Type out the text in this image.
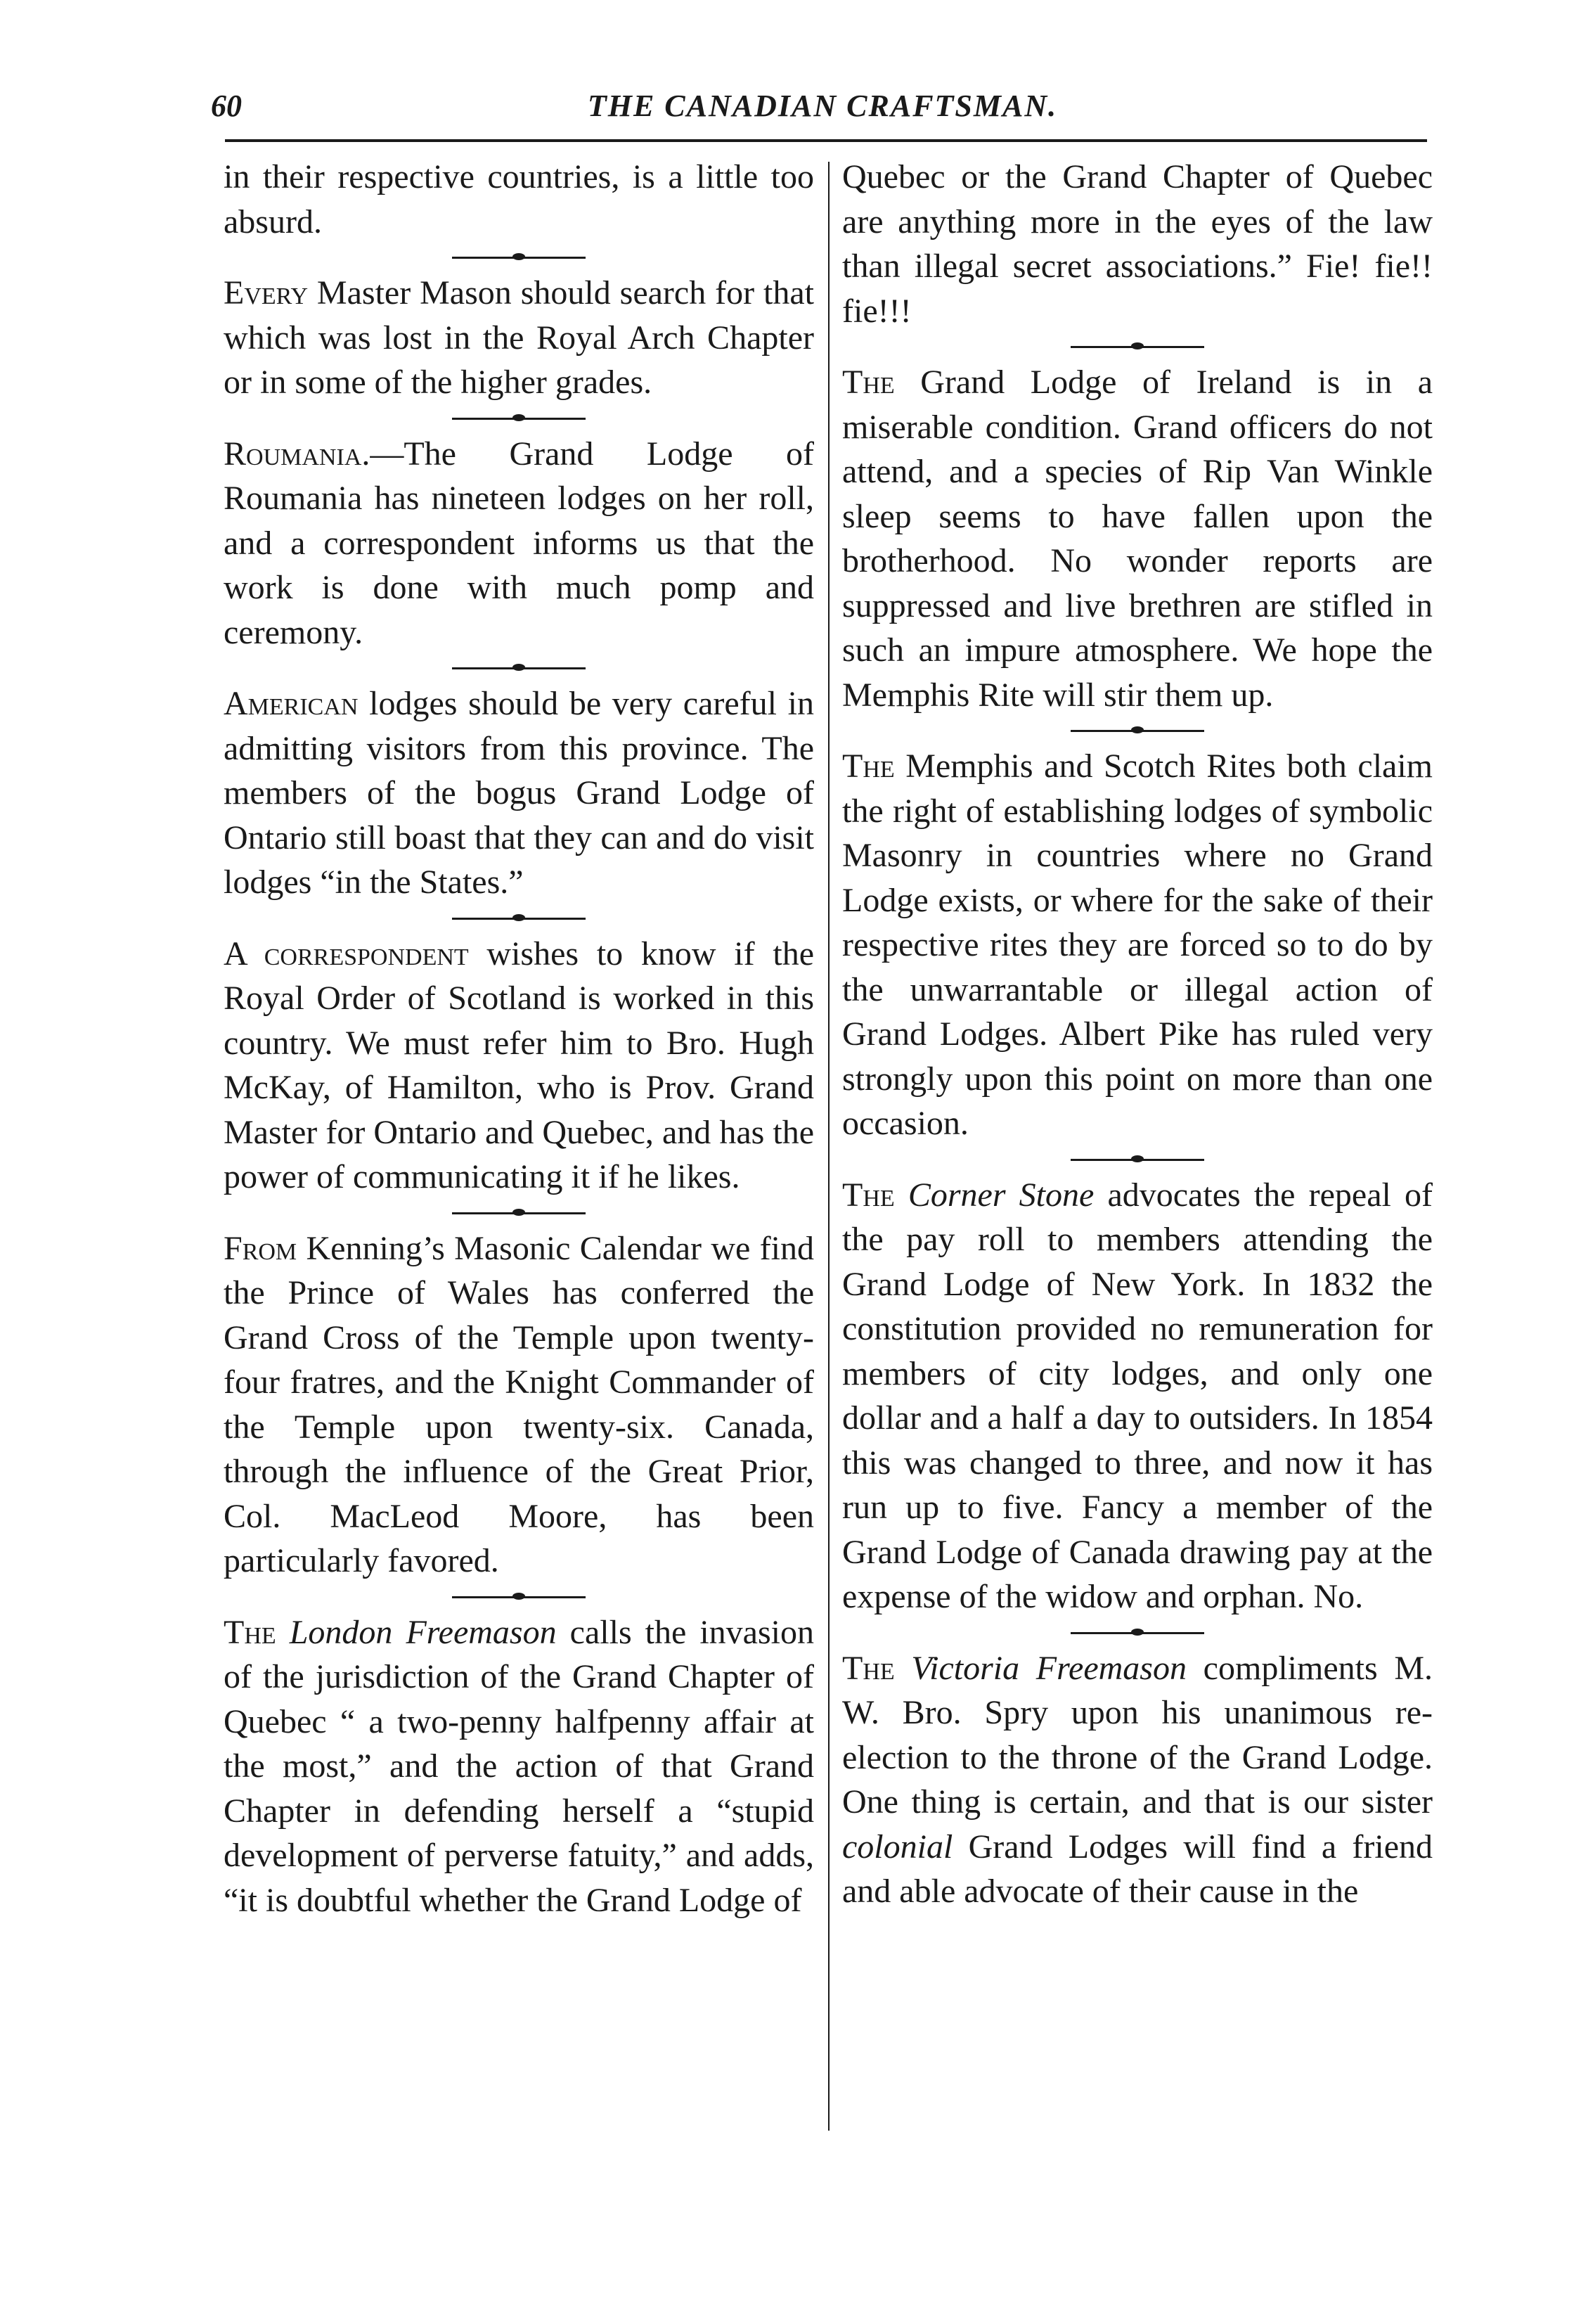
60	THE CANADIAN CRAFTSMAN.

in their respective countries, is a little too absurd.

Every Master Mason should search for that which was lost in the Royal Arch Chapter or in some of the higher grades.

Roumania.—The Grand Lodge of Roumania has nineteen lodges on her roll, and a correspondent informs us that the work is done with much pomp and ceremony.

American lodges should be very careful in admitting visitors from this province. The members of the bogus Grand Lodge of Ontario still boast that they can and do visit lodges “in the States.”

A correspondent wishes to know if the Royal Order of Scotland is worked in this country. We must refer him to Bro. Hugh McKay, of Hamilton, who is Prov. Grand Master for Ontario and Quebec, and has the power of communicating it if he likes.

From Kenning’s Masonic Calendar we find the Prince of Wales has conferred the Grand Cross of the Temple upon twenty-four fratres, and the Knight Commander of the Temple upon twenty-six. Canada, through the influence of the Great Prior, Col. MacLeod Moore, has been particularly favored.

The London Freemason calls the invasion of the jurisdiction of the Grand Chapter of Quebec “ a two-penny halfpenny affair at the most,” and the action of that Grand Chapter in defending herself a “stupid development of perverse fatuity,” and adds, “it is doubtful whether the Grand Lodge of

Quebec or the Grand Chapter of Quebec are anything more in the eyes of the law than illegal secret associations.” Fie! fie!! fie!!!

The Grand Lodge of Ireland is in a miserable condition. Grand officers do not attend, and a species of Rip Van Winkle sleep seems to have fallen upon the brotherhood. No wonder reports are suppressed and live brethren are stifled in such an impure atmosphere. We hope the Memphis Rite will stir them up.

The Memphis and Scotch Rites both claim the right of establishing lodges of symbolic Masonry in countries where no Grand Lodge exists, or where for the sake of their respective rites they are forced so to do by the unwarrantable or illegal action of Grand Lodges. Albert Pike has ruled very strongly upon this point on more than one occasion.

The Corner Stone advocates the repeal of the pay roll to members attending the Grand Lodge of New York. In 1832 the constitution provided no remuneration for members of city lodges, and only one dollar and a half a day to outsiders. In 1854 this was changed to three, and now it has run up to five. Fancy a member of the Grand Lodge of Canada drawing pay at the expense of the widow and orphan. No.

The Victoria Freemason compliments M. W. Bro. Spry upon his unanimous re-election to the throne of the Grand Lodge. One thing is certain, and that is our sister colonial Grand Lodges will find a friend and able advocate of their cause in the
